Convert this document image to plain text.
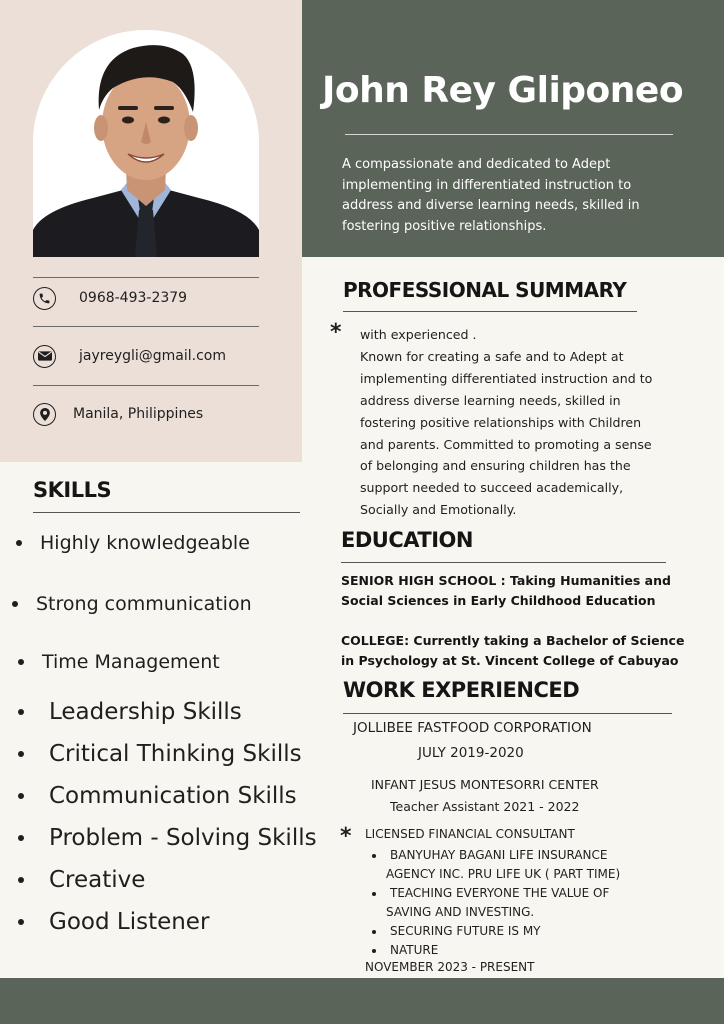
0968-493-2379
jayreygli@gmail.com
Manila, Philippines
John Rey Gliponeo
A compassionate and dedicated to Adept implementing in differentiated instruction to address and diverse learning needs, skilled in fostering positive relationships.
SKILLS
Highly knowledgeable
Strong communication
Time Management
Leadership Skills
Critical Thinking Skills
Communication Skills
Problem - Solving Skills
Creative
Good Listener
PROFESSIONAL SUMMARY
* with experienced .
Known for creating a safe and to Adept at
implementing differentiated instruction and to
address diverse learning needs, skilled in
fostering positive relationships with Children
and parents. Committed to promoting a sense
of belonging and ensuring children has the
support needed to succeed academically,
Socially and Emotionally.
EDUCATION
SENIOR HIGH SCHOOL : Taking Humanities and Social Sciences in Early Childhood Education
COLLEGE: Currently taking a Bachelor of Science in Psychology at St. Vincent College of Cabuyao
WORK EXPERIENCED
JOLLIBEE FASTFOOD CORPORATION
JULY 2019-2020
INFANT JESUS MONTESORRI CENTER
Teacher Assistant 2021 - 2022
* LICENSED FINANCIAL CONSULTANT
BANYUHAY BAGANI LIFE INSURANCE
AGENCY INC. PRU LIFE UK ( PART TIME)
TEACHING EVERYONE THE VALUE OF
SAVING AND INVESTING.
SECURING FUTURE IS MY
NATURE
NOVEMBER 2023 - PRESENT
